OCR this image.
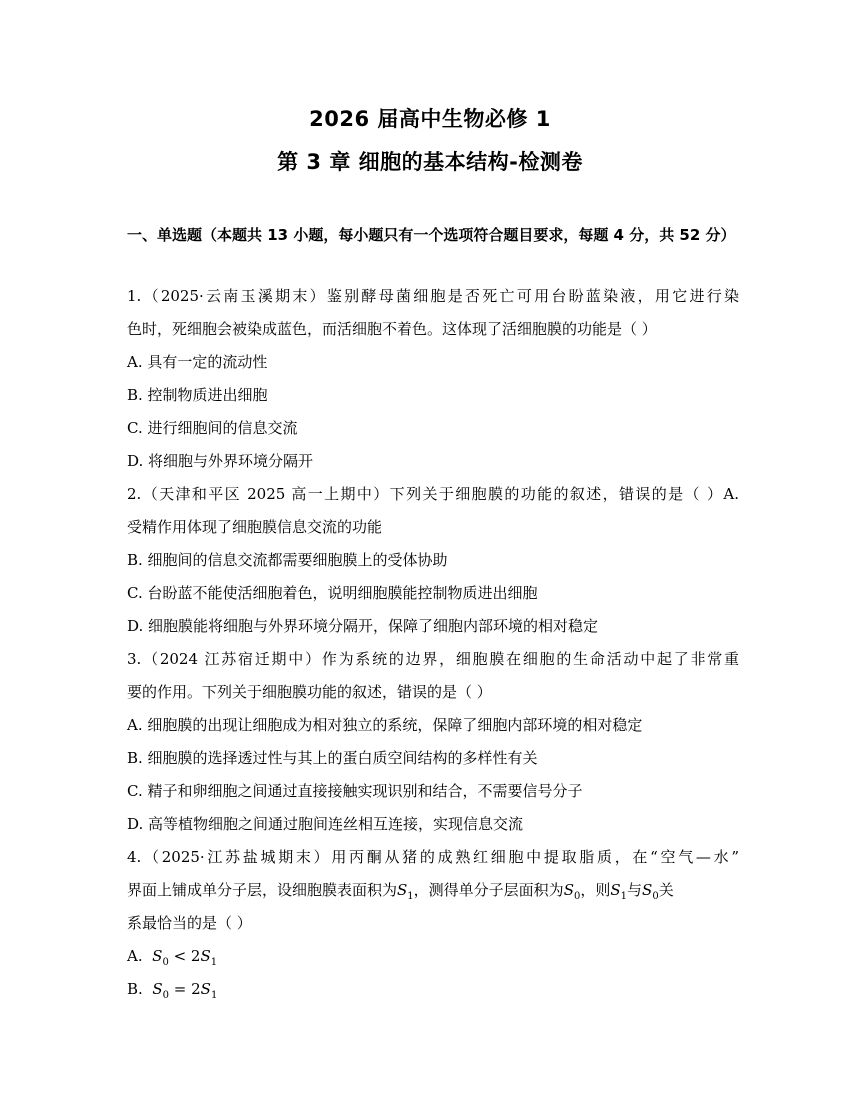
2026 届高中生物必修 1
第 3 章 细胞的基本结构-检测卷
一、单选题（本题共 13 小题，每小题只有一个选项符合题目要求，每题 4 分，共 52 分）
1.（2025·云南玉溪期末）鉴别酵母菌细胞是否死亡可用台盼蓝染液，用它进行染
色时，死细胞会被染成蓝色，而活细胞不着色。这体现了活细胞膜的功能是（ ）
A. 具有一定的流动性
B. 控制物质进出细胞
C. 进行细胞间的信息交流
D. 将细胞与外界环境分隔开
2.（天津和平区 2025 高一上期中）下列关于细胞膜的功能的叙述，错误的是（ ）A.
受精作用体现了细胞膜信息交流的功能
B. 细胞间的信息交流都需要细胞膜上的受体协助
C. 台盼蓝不能使活细胞着色，说明细胞膜能控制物质进出细胞
D. 细胞膜能将细胞与外界环境分隔开，保障了细胞内部环境的相对稳定
3.（2024 江苏宿迁期中）作为系统的边界，细胞膜在细胞的生命活动中起了非常重
要的作用。下列关于细胞膜功能的叙述，错误的是（ ）
A. 细胞膜的出现让细胞成为相对独立的系统，保障了细胞内部环境的相对稳定
B. 细胞膜的选择透过性与其上的蛋白质空间结构的多样性有关
C. 精子和卵细胞之间通过直接接触实现识别和结合，不需要信号分子
D. 高等植物细胞之间通过胞间连丝相互连接，实现信息交流
4.（2025·江苏盐城期末）用丙酮从猪的成熟红细胞中提取脂质，在“空气—水”
界面上铺成单分子层，设细胞膜表面积为$S_1$，测得单分子层面积为$S_0$，则$S_1$与$S_0$关
系最恰当的是（ ）
A. $S_0 < 2S_1$
B. $S_0 = 2S_1$
